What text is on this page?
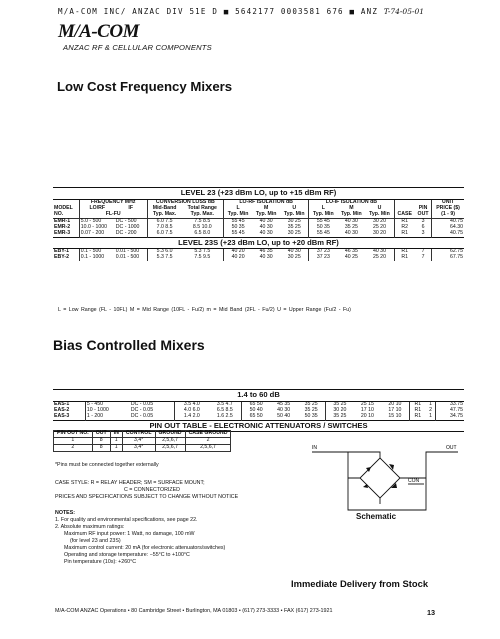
M/A-COM INC/ ANZAC DIV 51E D ■ 5642177 0003581 676 ■ ANZ T-74-05-01
M/A-COM
ANZAC RF & CELLULAR COMPONENTS
Low Cost Frequency Mixers
LEVEL 23 (+23 dBm LO, up to +15 dBm RF)													
	FREQUENCY MHz		CONVERSION LOSS dB		LO-RF ISOLATION dB			LO-IF ISOLATION dB					UNIT
MODEL	LO/RF	IF	Mid-Band	Total Range	L	M	U	L	M	U		PIN	PRICE ($)
NO.	FL-FU		Typ. Max.	Typ. Max.	Typ. Min	Typ. Min	Typ. Min	Typ. Min	Typ. Min	Typ. Min	CASE	OUT	(1 - 9)
EMR-1	5.0 - 500	DC - 500	6.0 7.5	7.5 8.5	55 45	40 30	30 25	55 45	40 30	30 20	R1	3	40.75
EMR-2	10.0 - 1000	DC - 1000	7.0 8.5	8.5 10.0	50 35	40 30	35 25	50 35	35 25	25 20	R2	6	64.30
EMR-3	0.07 - 200	DC - 200	6.0 7.5	6.5 8.0	55 45	40 30	30 25	55 45	40 30	30 20	R1	3	40.75
LEVEL 23S (+23 dBm LO, up to +20 dBm RF)													
EBY-1	0.1 - 500	0.01 - 500	5.3 6.0	5.3 7.5	40 20	46 35	40 30	37 23	46 35	40 30	R1	7	62.75
EBY-2	0.1 - 1000	0.01 - 500	5.3 7.5	7.5 9.5	40 20	40 30	30 25	37 23	40 25	25 20	R1	7	67.75
L = Low Range (FL - 10FL) M = Mid Range (10FL - Fu/2) m = Mid Band (2FL - Fu/2) U = Upper Range (Fu/2 - Fu)
Bias Controlled Mixers
1.4 to 60 dB													
EAS-1	5 - 450	DC - 0.05	3.5 4.0	3.5 4.7	65 50	45 35	35 25	35 25	25 15	20 10	R1	1	33.75
EAS-2	10 - 1000	DC - 0.05	4.0 6.0	6.5 8.5	50 40	40 30	35 25	30 20	17 10	17 10	R1	2	47.75
EAS-3	1 - 200	DC - 0.05	1.4 2.0	1.6 2.5	65 50	50 40	50 35	35 25	20 10	15 10	R1	1	34.75
PIN OUT TABLE - ELECTRONIC ATTENUATORS / SWITCHES													
PIN OUT NO.	OUT	IN	CONTROL	GROUND	CASE GROUND
1	8	1	3,4*	2,5,6,7	2
2	8	1	3,4*	2,5,6,7	2,5,6,7
*Pins must be connected together externally
CASE STYLE: R = RELAY HEADER; SM = SURFACE MOUNT;
C = CONNECTORIZED
PRICES AND SPECIFICATIONS SUBJECT TO CHANGE WITHOUT NOTICE
NOTES:
1. For quality and environmental specifications, see page 22.
2. Absolute maximum ratings:
Maximum RF input power: 1 Watt, no damage, 100 mW
(for level 23 and 23S)
Maximum control current: 20 mA (for electronic attenuators/switches)
Operating and storage temperature: −55°C to +100°C
Pin temperature (10s): +260°C
IN	OUT
CON
Schematic
Immediate Delivery from Stock
M/A-COM ANZAC Operations • 80 Cambridge Street • Burlington, MA 01803 • (617) 273-3333 • FAX (617) 273-1921	13
